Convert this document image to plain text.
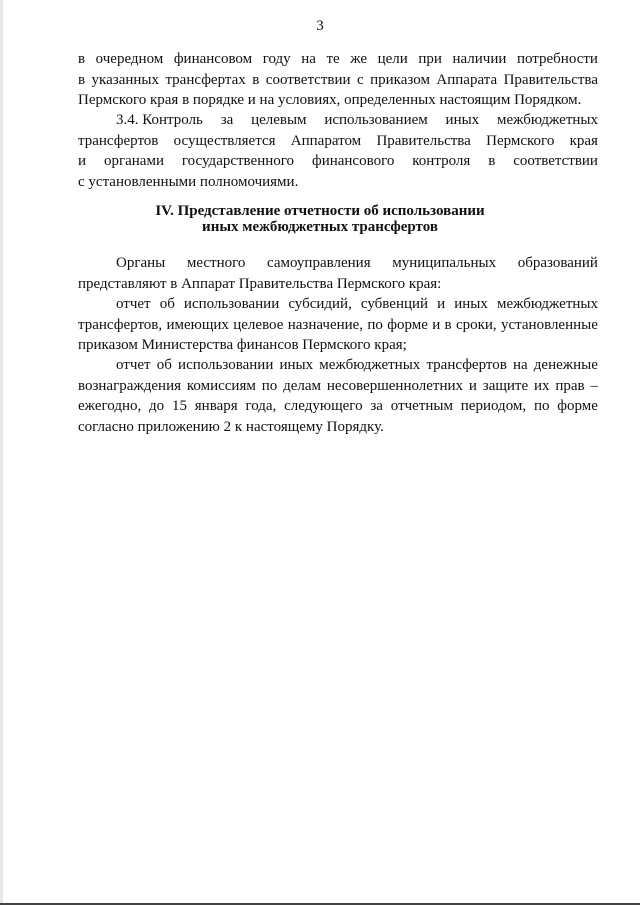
3
в очередном финансовом году на те же цели при наличии потребности
в указанных трансфертах в соответствии с приказом Аппарата Правительства
Пермского края в порядке и на условиях, определенных настоящим Порядком.
3.4. Контроль за целевым использованием иных межбюджетных
трансфертов осуществляется Аппаратом Правительства Пермского края
и органами государственного финансового контроля в соответствии
с установленными полномочиями.
IV. Представление отчетности об использовании
иных межбюджетных трансфертов
Органы местного самоуправления муниципальных образований
представляют в Аппарат Правительства Пермского края:
отчет об использовании субсидий, субвенций и иных межбюджетных
трансфертов, имеющих целевое назначение, по форме и в сроки, установленные
приказом Министерства финансов Пермского края;
отчет об использовании иных межбюджетных трансфертов на денежные
вознаграждения комиссиям по делам несовершеннолетних и защите их прав –
ежегодно, до 15 января года, следующего за отчетным периодом, по форме
согласно приложению 2 к настоящему Порядку.
